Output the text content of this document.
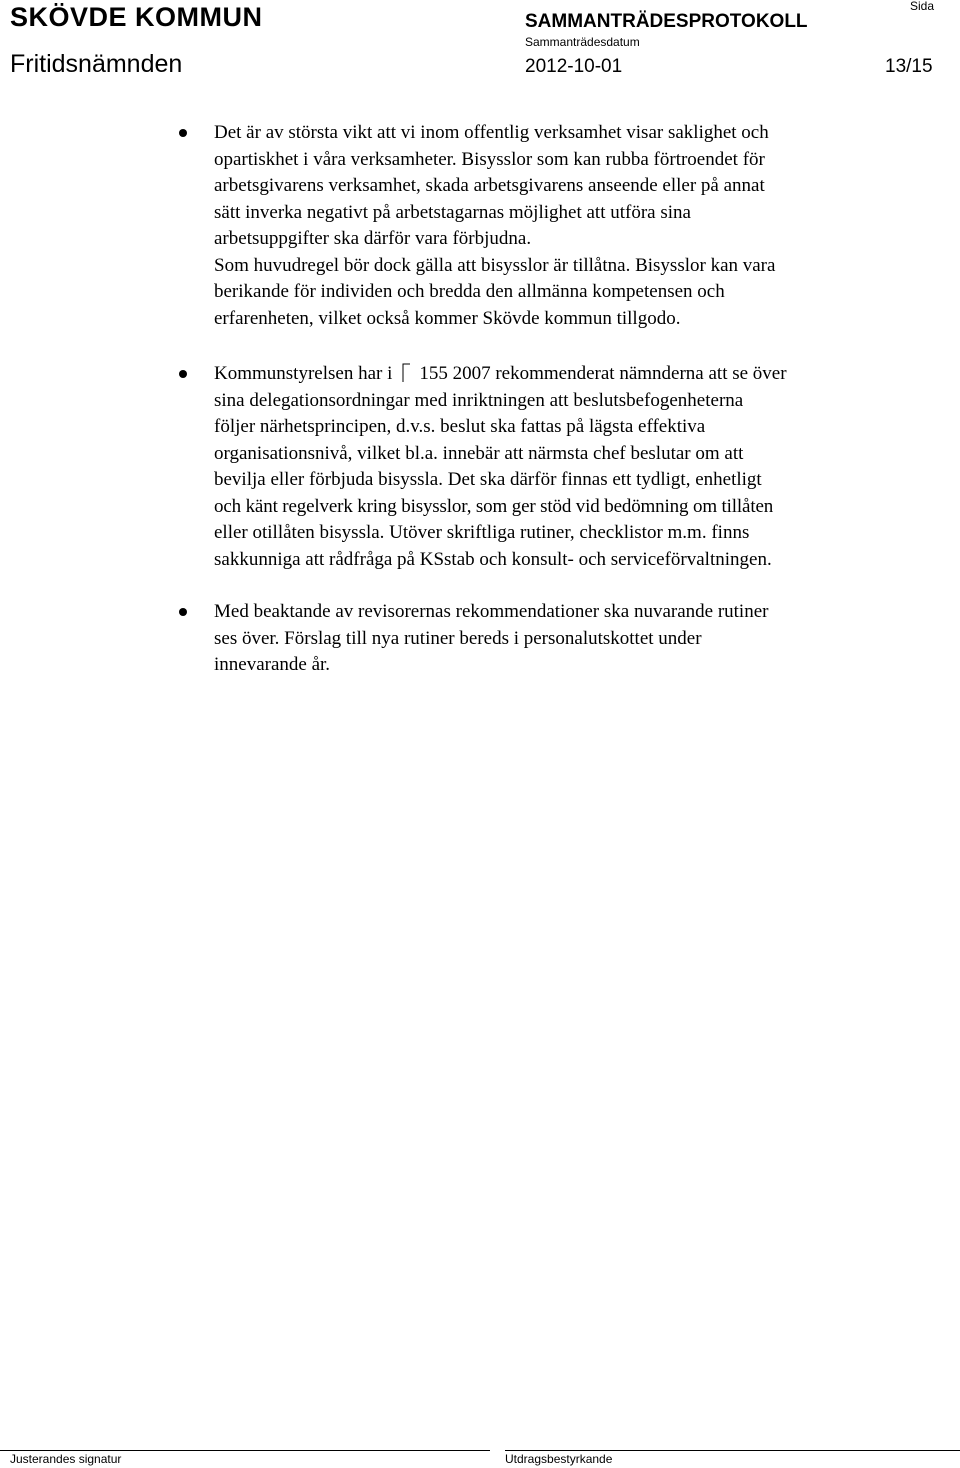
SKÖVDE KOMMUN	SAMMANTRÄDESPROTOKOLL
Sammanträdesdatum
Sida
Fritidsnämnden	2012-10-01	13/15
Det är av största vikt att vi inom offentlig verksamhet visar saklighet och
opartiskhet i våra verksamheter. Bisysslor som kan rubba förtroendet för
arbetsgivarens verksamhet, skada arbetsgivarens anseende eller på annat
sätt inverka negativt på arbetstagarnas möjlighet att utföra sina
arbetsuppgifter ska därför vara förbjudna.
Som huvudregel bör dock gälla att bisysslor är tillåtna. Bisysslor kan vara
berikande för individen och bredda den allmänna kompetensen och
erfarenheten, vilket också kommer Skövde kommun tillgodo.
Kommunstyrelsen har i 155 2007 rekommenderat nämnderna att se över
sina delegationsordningar med inriktningen att beslutsbefogenheterna
följer närhetsprincipen, d.v.s. beslut ska fattas på lägsta effektiva
organisationsnivå, vilket bl.a. innebär att närmsta chef beslutar om att
bevilja eller förbjuda bisyssla. Det ska därför finnas ett tydligt, enhetligt
och känt regelverk kring bisysslor, som ger stöd vid bedömning om tillåten
eller otillåten bisyssla. Utöver skriftliga rutiner, checklistor m.m. finns
sakkunniga att rådfråga på KSstab och konsult- och serviceförvaltningen.
Med beaktande av revisorernas rekommendationer ska nuvarande rutiner
ses över. Förslag till nya rutiner bereds i personalutskottet under
innevarande år.
Justerandes signatur	Utdragsbestyrkande
